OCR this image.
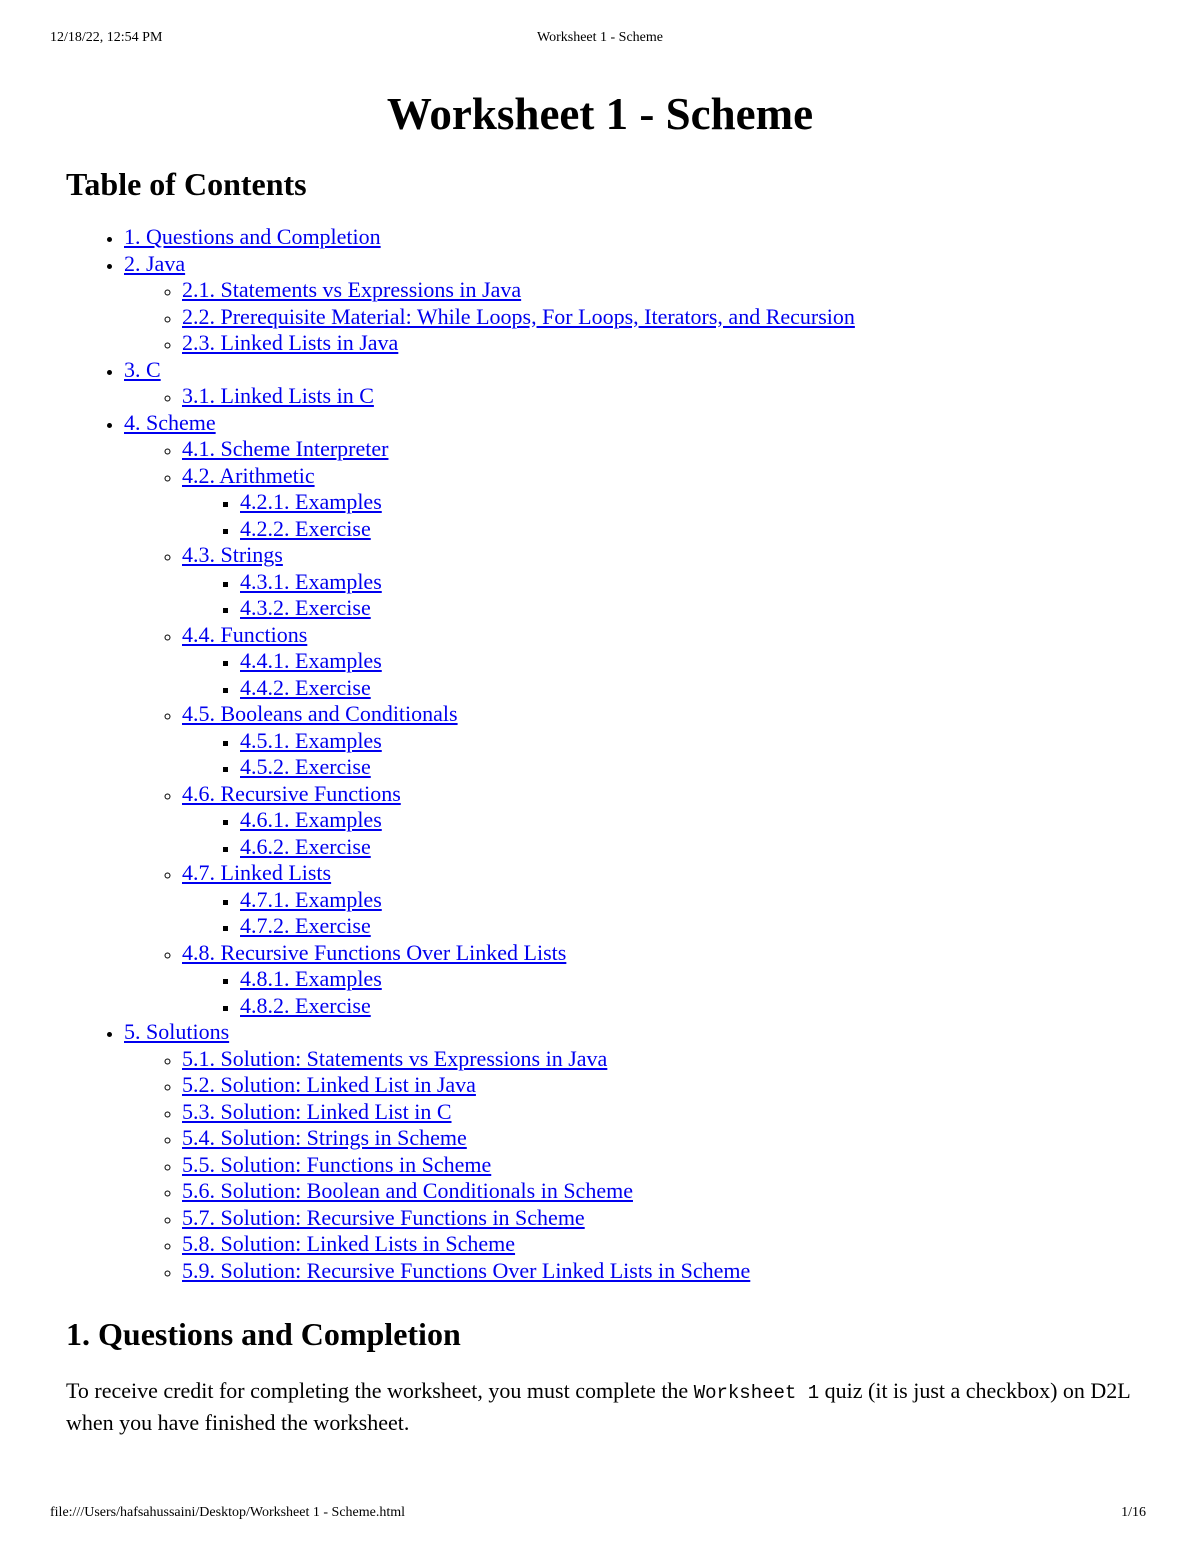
12/18/22, 12:54 PM	Worksheet 1 - Scheme
Worksheet 1 - Scheme
Table of Contents
• 1. Questions and Completion
• 2. Java
◦ 2.1. Statements vs Expressions in Java
◦ 2.2. Prerequisite Material: While Loops, For Loops, Iterators, and Recursion
◦ 2.3. Linked Lists in Java
• 3. C
◦ 3.1. Linked Lists in C
• 4. Scheme
◦ 4.1. Scheme Interpreter
◦ 4.2. Arithmetic
▪ 4.2.1. Examples
▪ 4.2.2. Exercise
◦ 4.3. Strings
▪ 4.3.1. Examples
▪ 4.3.2. Exercise
◦ 4.4. Functions
▪ 4.4.1. Examples
▪ 4.4.2. Exercise
◦ 4.5. Booleans and Conditionals
▪ 4.5.1. Examples
▪ 4.5.2. Exercise
◦ 4.6. Recursive Functions
▪ 4.6.1. Examples
▪ 4.6.2. Exercise
◦ 4.7. Linked Lists
▪ 4.7.1. Examples
▪ 4.7.2. Exercise
◦ 4.8. Recursive Functions Over Linked Lists
▪ 4.8.1. Examples
▪ 4.8.2. Exercise
• 5. Solutions
◦ 5.1. Solution: Statements vs Expressions in Java
◦ 5.2. Solution: Linked List in Java
◦ 5.3. Solution: Linked List in C
◦ 5.4. Solution: Strings in Scheme
◦ 5.5. Solution: Functions in Scheme
◦ 5.6. Solution: Boolean and Conditionals in Scheme
◦ 5.7. Solution: Recursive Functions in Scheme
◦ 5.8. Solution: Linked Lists in Scheme
◦ 5.9. Solution: Recursive Functions Over Linked Lists in Scheme
1. Questions and Completion

To receive credit for completing the worksheet, you must complete the Worksheet 1 quiz (it is just a checkbox) on D2L when you have finished the worksheet.

file:///Users/hafsahussaini/Desktop/Worksheet 1 - Scheme.html	1/16
